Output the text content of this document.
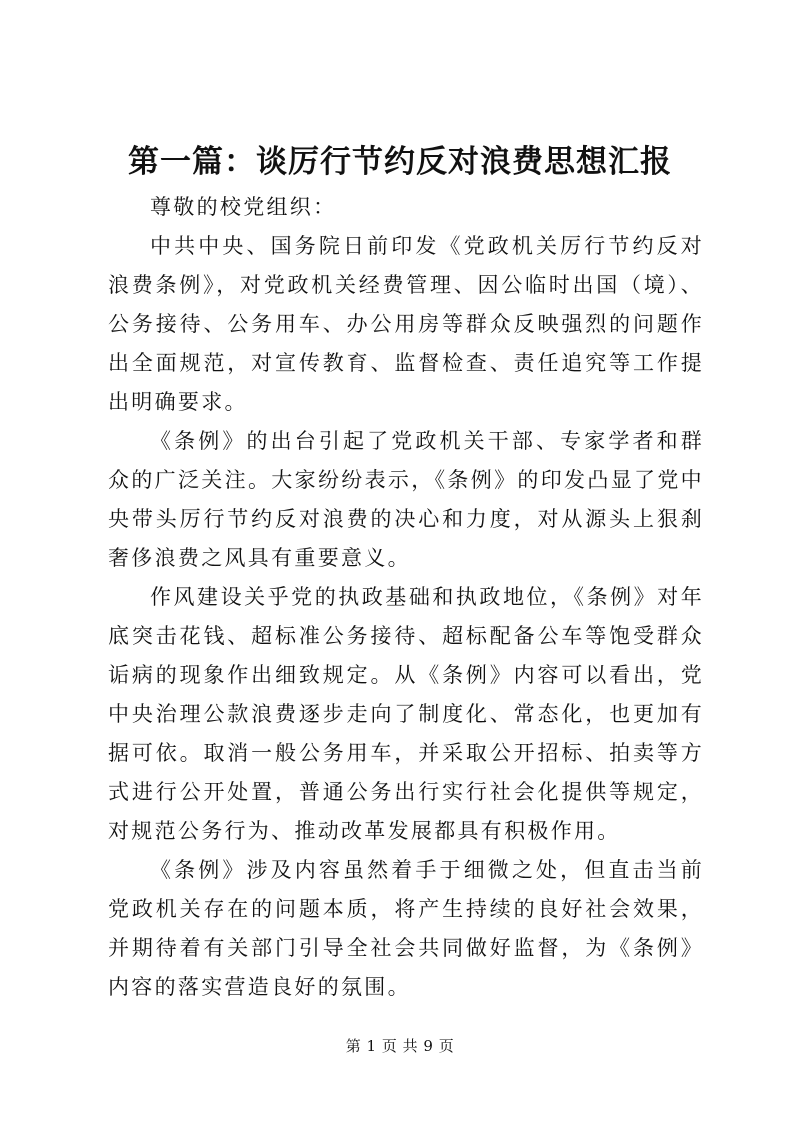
第一篇：谈厉行节约反对浪费思想汇报

尊敬的校党组织：

中共中央、国务院日前印发《党政机关厉行节约反对浪费条例》，对党政机关经费管理、因公临时出国（境）、公务接待、公务用车、办公用房等群众反映强烈的问题作出全面规范，对宣传教育、监督检查、责任追究等工作提出明确要求。

《条例》的出台引起了党政机关干部、专家学者和群众的广泛关注。大家纷纷表示，《条例》的印发凸显了党中央带头厉行节约反对浪费的决心和力度，对从源头上狠刹奢侈浪费之风具有重要意义。

作风建设关乎党的执政基础和执政地位，《条例》对年底突击花钱、超标准公务接待、超标配备公车等饱受群众诟病的现象作出细致规定。从《条例》内容可以看出，党中央治理公款浪费逐步走向了制度化、常态化，也更加有据可依。取消一般公务用车，并采取公开招标、拍卖等方式进行公开处置，普通公务出行实行社会化提供等规定，对规范公务行为、推动改革发展都具有积极作用。

《条例》涉及内容虽然着手于细微之处，但直击当前党政机关存在的问题本质，将产生持续的良好社会效果，并期待着有关部门引导全社会共同做好监督，为《条例》内容的落实营造良好的氛围。

第 1 页 共 9 页
